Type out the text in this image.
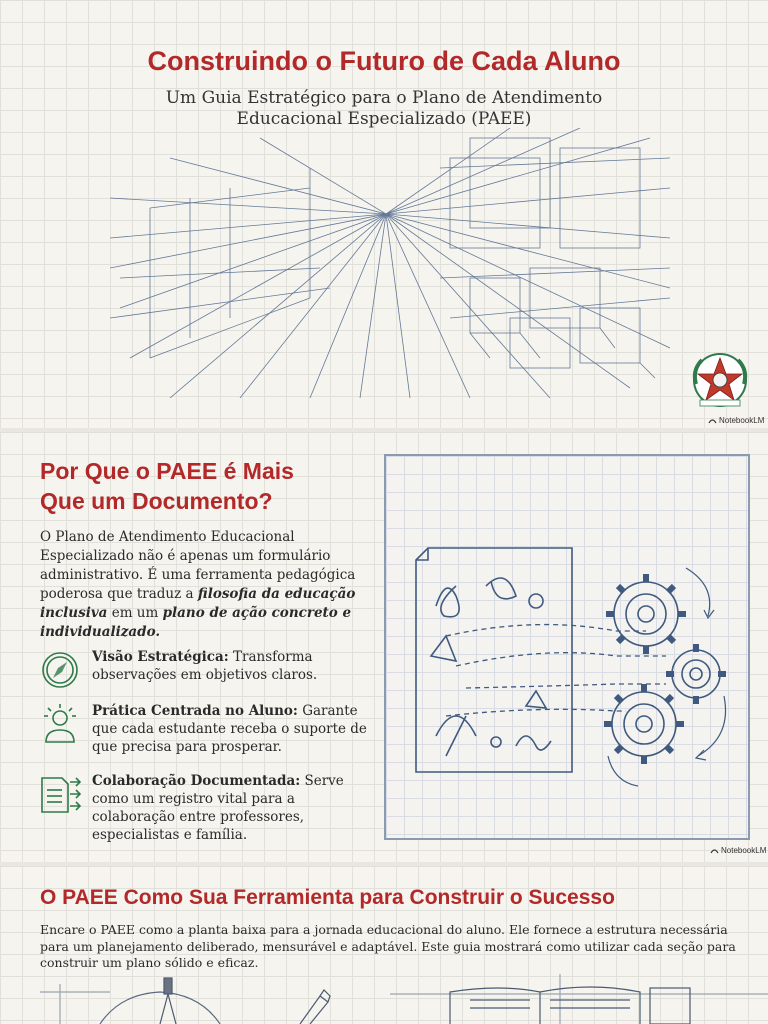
Construindo o Futuro de Cada Aluno
Um Guia Estratégico para o Plano de Atendimento
Educacional Especializado (PAEE)
NotebookLM
Por Que o PAEE é Mais
Que um Documento?

O Plano de Atendimento Educacional Especializado não é apenas um formulário administrativo. É uma ferramenta pedagógica poderosa que traduz a filosofia da educação inclusiva em um plano de ação concreto e individualizado.

Visão Estratégica: Transforma observações em objetivos claros.
Prática Centrada no Aluno: Garante que cada estudante receba o suporte de que precisa para prosperar.
Colaboração Documentada: Serve como um registro vital para a colaboração entre professores, especialistas e família.
NotebookLM
O PAEE Como Sua Ferramienta para Construir o Sucesso

Encare o PAEE como a planta baixa para a jornada educacional do aluno. Ele fornece a estrutura necessária para um planejamento deliberado, mensurável e adaptável. Este guia mostrará como utilizar cada seção para construir um plano sólido e eficaz.
